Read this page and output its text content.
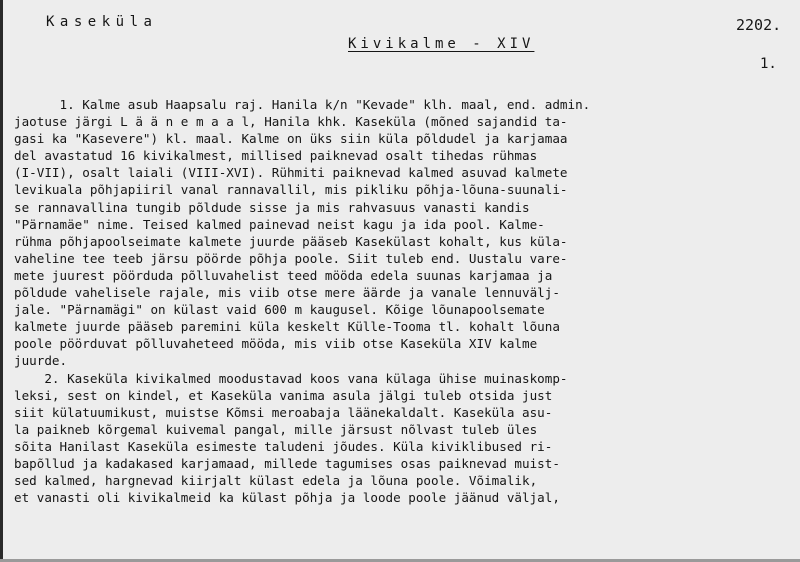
Kaseküla	2202.
Kivikalme - XIV
1.
1. Kalme asub Haapsalu raj. Hanila k/n "Kevade" klh. maal, end. admin.
jaotuse järgi L ä ä n e m a a l, Hanila khk. Kaseküla (mõned sajandid ta-
gasi ka "Kasevere") kl. maal. Kalme on üks siin küla põldudel ja karjamaa
del avastatud 16 kivikalmest, millised paiknevad osalt tihedas rühmas
(I-VII), osalt laiali (VIII-XVI). Rühmiti paiknevad kalmed asuvad kalmete
levikuala põhjapiiril vanal rannavallil, mis pikliku põhja-lõuna-suunali-
se rannavallina tungib põldude sisse ja mis rahvasuus vanasti kandis
"Pärnamäe" nime. Teised kalmed painevad neist kagu ja ida pool. Kalme-
rühma põhjapoolseimate kalmete juurde pääseb Kasekülast kohalt, kus küla-
vaheline tee teeb järsu pöörde põhja poole. Siit tuleb end. Uustalu vare-
mete juurest pöörduda põlluvahelist teed mööda edela suunas karjamaa ja
põldude vahelisele rajale, mis viib otse mere äärde ja vanale lennuvälj-
jale. "Pärnamägi" on külast vaid 600 m kaugusel. Kõige lõunapoolsemate
kalmete juurde pääseb paremini küla keskelt Külle-Tooma tl. kohalt lõuna
poole pöörduvat põlluvaheteed mööda, mis viib otse Kaseküla XIV kalme
juurde.
2. Kaseküla kivikalmed moodustavad koos vana külaga ühise muinaskomp-
leksi, sest on kindel, et Kaseküla vanima asula jälgi tuleb otsida just
siit külatuumikust, muistse Kõmsi meroabaja läänekaldalt. Kaseküla asu-
la paikneb kõrgemal kuivemal pangal, mille järsust nõlvast tuleb üles
sõita Hanilast Kaseküla esimeste taludeni jõudes. Küla kiviklibused ri-
bapõllud ja kadakased karjamaad, millede tagumises osas paiknevad muist-
sed kalmed, hargnevad kiirjalt külast edela ja lõuna poole. Võimalik,
et vanasti oli kivikalmeid ka külast põhja ja loode poole jäänud väljal,
